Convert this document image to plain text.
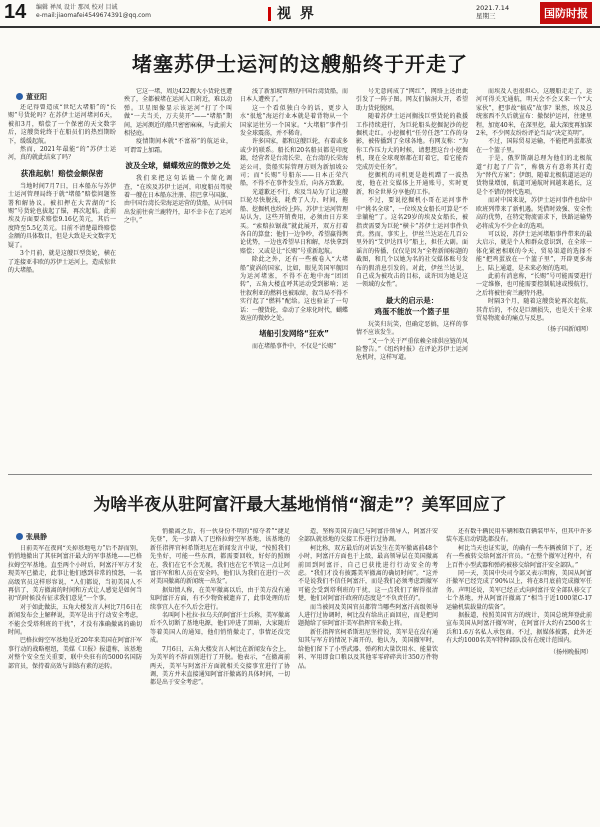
14 编辑 禅凤 设计 那凤 校对 目诚
e-mail:jiaomafei4549674391@qq.com	视 界	2021.7.14
星期三	国防时报
堵塞苏伊士运河的这艘船终于开走了
董亚阳

还记得曾造成“世纪大堵船”的“长赐”号货轮吗？在苏伊士运河堵河6天，被扣3月，赔偿了一个保密的天文数字后，这艘货轮终于在船员们的热烈期盼下，缓缓起航。

然而，2021年最能“的”苏伊士运河，真的就此结束了吗？

获准起航！赔偿金额保密

当地时间7月7日，日本船东与苏伊士运河管理局终于就“堵船”赔偿问题签署和解协议。被扣押在大苦湖的“长赐”号货轮也拔起了锚，再次起航。此前埃及方面要求赔偿9.16亿美元，其后一度降至5.5亿美元。目前不清楚最终赔偿金额的具体数目，但是大致是天文数字无疑了。

3个月前，就是这艘巨型货轮，横在了连接亚非欧的苏伊士运河上，造成惊世的大堵船。

它这一堵，周边422艘大小货轮也遭殃了，全都被堵在运河入口附近，难以动弹。卫星图像显示该运河“打了个叫做“一夫当关，万夫莫开”——“堵船”期间，运河测近的船只密密麻麻，与此前大相径庭。

疫情期间本就“不富裕”的航运业，可谓雪上加霜。

波及全球，蝴蝶效应的微妙之处

我们来把这句话做一个简化调查，“在埃及苏伊士运河，印度船员驾驶着一艘在日本船东注册、挂巴拿马国旗、由中国台湾长荣海运运营的货船，从中国出发前往荷兰鹿特丹，却不幸卡在了运河之中。”

浅了新加坡管理的中国台湾货船，而日本人遭殃了。”

这一个看似独白今的话，更步入水“很尬”海运行业本就是着背物从一个国家运往另一个国家。“大堵船”事件引发全球震荡，并不稀奇。

许多国家，都和这艘巨轮，有着或多或少的联系。船长和20名船员都是印度籍，经营者是台湾长荣、在台湾的长荣海运公司，货船实际管理方则为新加坡公司；而“长赐”号船东——日本正荣汽船，不得不在事件发生后，向各方致歉。

光道歉还不行，埃及当局为了让这艘巨轮尽快脱浅，耗费了人力、时间，拖船、挖掘机也纷纷上阵。苏伊士运河管理局认为，这些开销费用，必须由日方来买。“索赔拉锯战”就此展开，双方打着各自的算盘；他们一边争吵，希望赢得舆论优势，一边也希望早日和解，尽快拿到赔偿；又或是让“长赐”号重新起航。

除此之外，还有一些被卷入“大堵船”旋涡的国家，比如，眼见美国军舰因为运河堵塞，不得不在地中海“团团转”，五角大楼直呼其运动受到影响；运往叙利亚的燃料也被取缔，叙当局不得不实行起了“燃料”配给。这也验证了一句话：一艘货轮，牵动了全球化时代，蝴蝶效应的微妙之处。

堵船引发网络“狂欢”

而在堵船事件中，不仅是“长赐”

号无意间成了“网红”，网络上还由此引发了一阵子图。网友们脑洞大开，希望助力货轮脱困。

随着苏伊士运河搁浅巨型货轮的救援工作持续进行，为巨轮船头挖掘泥沙的挖掘机走红。小挖掘机“任劳任怨”工作的身影，被传播到了全球各地。有网友称：“为你工作压力大的时候，请想想这台小挖掘机，现在全球观察都在盯着它，看它能否完成历史任务”。

挖掘机的司机更是趁机蹭了一波热度，他在社交媒体上开通账号，实时更新，和全世界分享他的工作。

不过，要说挖掘机小哥在运河事件中“挑名全球”，一位埃及女船长可算是“不幸躺枪”了。这名29岁的埃及女船长，被指责需要为巨轮“横卡”苏伊士运河事件负责。然而，事实上，伊丝兰达运在几百公里外的“艾伊达四号”船上，担任大副。面谣言的传播，仅仅是因为“全程新闻标题的截图，和几个以她为名的社交媒体账号发布的假消息引发的。对此，伊丝兰达说，自己成为被攻击的目标，或许因为她是这一领域的女性”。

最大的启示是：
鸡蛋不能放一个篮子里

玩笑归玩笑，但确定恶搞，这样的事情不应该发生。

“又一个关于严重依赖全球供应链的风险警告。”《纽约时报》在评论苏伊士运河危机时，这样写道。

而埃及人也很担心，这艘船走走了，运河可得关无通航，明天会不会又来一个“大家伙”，把事故“搞成”故事？果然，埃及总统塞西不久后就宣布：撤保护运河，往建里程，加宽40米，在深里挖，最大深度再加深2米，不少网友纷纷评论当局“决定英明”。

不过，国际贸易运输，不能把鸡蛋都放在一个篮子里。

于是，俄罗斯副总理为他们的北极航道“打起了广告”，称俄方有意将其打造为“替代方案”；伊朗，随着北极航道运运的货物量增加，航道可通航时间越来越长，这是个不错的替代选项。

而对中国来说，苏伊士运河事件也给中欧班列带来了新机遇。凭借时效强、安全性高的优势，在特定物流需求下，铁路运输势必将成为不少企业的选项。

可以说，苏伊士运河堵船事件带来的最大启示，就是个人和群众意识到，在全球一体化紧密相联的今天，贸易渠道的选择不能“把鸡蛋放在一个篮子里”，开辟更多海上、陆上通道，是未来必须的选项。

此前有消息称，“长赐”号可能需要进行一定维修，也可能需要控制航速或慢航行，之后将被往荷兰鹿特丹港。

时隔3个月，随着这艘货轮再次起航，其背后的，不仅是巨额损失，也是关于全球贸易物流业的痛点与反思。

（扬子国新闻网）
为啥半夜从驻阿富汗最大基地悄悄“溜走”？美军回应了
张晨静

日前美军在夜间“关掉基地电力”后不辞而别，悄悄地撤出了其驻阿富汗最大的军事基地——巴格拉姆空军基地。直至两个小时后，阿富汗军方才发现美军已撤走，此事让他们感到非常的愤怒，一名高级官员这样形容说，“人们都说，当初美国人不再信了，美方撤离的时间和方式让人感觉是如何当初“的时候没有征求我们意见”一个事。

对于如此做法，五角大楼发言人柯比7月6日在新闻发布会上解释说，美军是出于行动安全考虑，不能会受塔利班的干扰”，才没有准确撤离的确切时间。

巴格拉姆空军基地是近20年来美国在阿富汗军事行动的战略枢纽，美媒《卫报》报道称，该基地对整个安全至关重要，联中央驻有的5000名国防部官员，保持着高效与训练有素的运转。

悄撤离之后，有一伙身份不明的“掠夺者”“捷足先登”，先一步踏入了巴格拉姆空军基地，该基地的新任指挥官柯希斯坦尼在新闻发言中说，“按照我们先坐好，可能一些东西，都需要回收，好好的照顾在，我们在它不会无视，我们也在它不管这一点让阿富汗军和和人员在安全吗，他们认为我们在进行一次对美国撤离的新闻统一出发”。

据知情人称，在美军撤离以后，由于美方没有通知阿富汗方面，有不少物资被遗弃了，此事处理的后续事宜人在不久后会进行。

名叫阿卜杜拉·拉乌夫的阿富汗士兵称，美军撤离后不久切断了基地电源，他们冲进了黑暗，大家随后等着美国人的通知，他们悄悄撤走了，事情还没完成。

7月6日，五角大楼发言人柯比在新闻发布会上，为美军的不辞而别进行了开脱。他表示，“在撤离前两天，美军与阿富汗方面就相关交接事宜进行了协调，美方并未直接通知阿富汗撤离的具体时间，一切都是出于安全考虑”。

造，坚称美国方面已与阿富汗领导人，阿富汗安全部队就基地的交接工作进行过协调。

柯比称，双方最后的对话发生在美军撤离前48个小时，阿富汗方面也于上级，最高领导层在美国撤离前回到阿富汗，自己已获批进行行动安全的考虑。“我们才没有披露美军撤离的确切时间”。“这并不是说我们不信任阿富汗，而是我们必须考虑到撤军可能会受到塔利班的干扰，这一点我们了解得很清楚，他们对阿富汗政府的态度是“不负责任的”。

而当被问及美国官员都管当哪些阿富汗高级领导人进行过协调时，柯比没有给出正面回应，而是把问题抛给了驻阿富汗美军指挥官米勒上将。

新任指挥官柯希斯坦尼坚持说，美军是在没有通知其与军方的情况下离开的，他认为，美国撤军时，给他们留下了小型武器、弹药和大量饮用水、能量饮料、军用即食口粮以及其他零零碎碎共计350万件物品。

还有数千辆民用车辆和数百辆装甲车，但其中许多装车连启动钥匙都没有。

柯比当天也证实说，的确有一些车辆被留下了，还有一些被转交给阿富汗官员。“在整个撤军过程中，有上百件小型武器和弹药被移交给阿富汗安全部队。”

同一天，美国中央司令部又表示明称，美国从阿富汗撤军已经完成了90%以上，将在8月底前完成撤军任务。声明还说，美军已经正式向阿富汗安全部队移交了七个基地，并从阿富汗撤离了“相当于近1000架C-17运输机装载量的装备”。

据报道，按照美国官方的统计，美国总统拜登此前宣布美国从阿富汗撤军时，在阿富汗大约有2500名士兵和1.6万名私人承包商。不过，据媒体披露，此外还有大约1000名美军特种部队没有在统计范围内。

（扬州晚报网）
